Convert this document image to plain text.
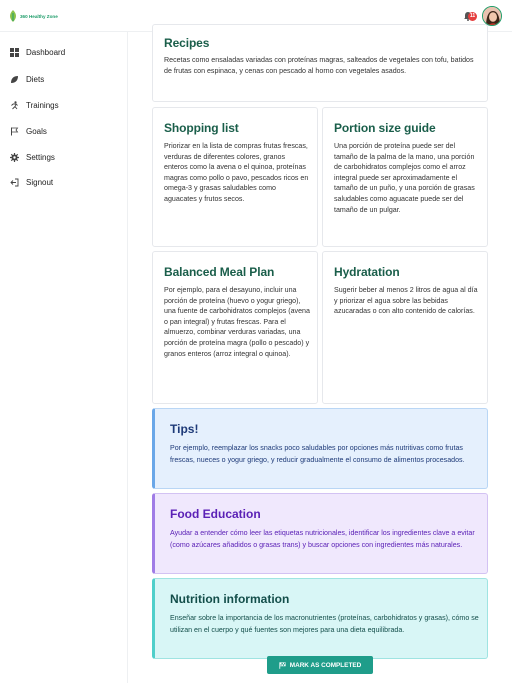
360 Healthy Zone	11
Dashboard
Diets
Trainings
Goals
Settings
Signout
Recipes

Recetas como ensaladas variadas con proteínas magras, salteados de vegetales con tofu, batidos de frutas con espinaca, y cenas con pescado al horno con vegetales asados.

Shopping list

Priorizar en la lista de compras frutas frescas, verduras de diferentes colores, granos enteros como la avena o el quinoa, proteínas magras como pollo o pavo, pescados ricos en omega-3 y grasas saludables como aguacates y frutos secos.

Portion size guide

Una porción de proteína puede ser del tamaño de la palma de la mano, una porción de carbohidratos complejos como el arroz integral puede ser aproximadamente el tamaño de un puño, y una porción de grasas saludables como aguacate puede ser del tamaño de un pulgar.

Balanced Meal Plan

Por ejemplo, para el desayuno, incluir una porción de proteína (huevo o yogur griego), una fuente de carbohidratos complejos (avena o pan integral) y frutas frescas. Para el almuerzo, combinar verduras variadas, una porción de proteína magra (pollo o pescado) y granos enteros (arroz integral o quinoa).

Hydratation

Sugerir beber al menos 2 litros de agua al día y priorizar el agua sobre las bebidas azucaradas o con alto contenido de calorías.

Tips!

Por ejemplo, reemplazar los snacks poco saludables por opciones más nutritivas como frutas frescas, nueces o yogur griego, y reducir gradualmente el consumo de alimentos procesados.

Food Education

Ayudar a entender cómo leer las etiquetas nutricionales, identificar los ingredientes clave a evitar (como azúcares añadidos o grasas trans) y buscar opciones con ingredientes más naturales.

Nutrition information

Enseñar sobre la importancia de los macronutrientes (proteínas, carbohidratos y grasas), cómo se utilizan en el cuerpo y qué fuentes son mejores para una dieta equilibrada.

MARK AS COMPLETED
